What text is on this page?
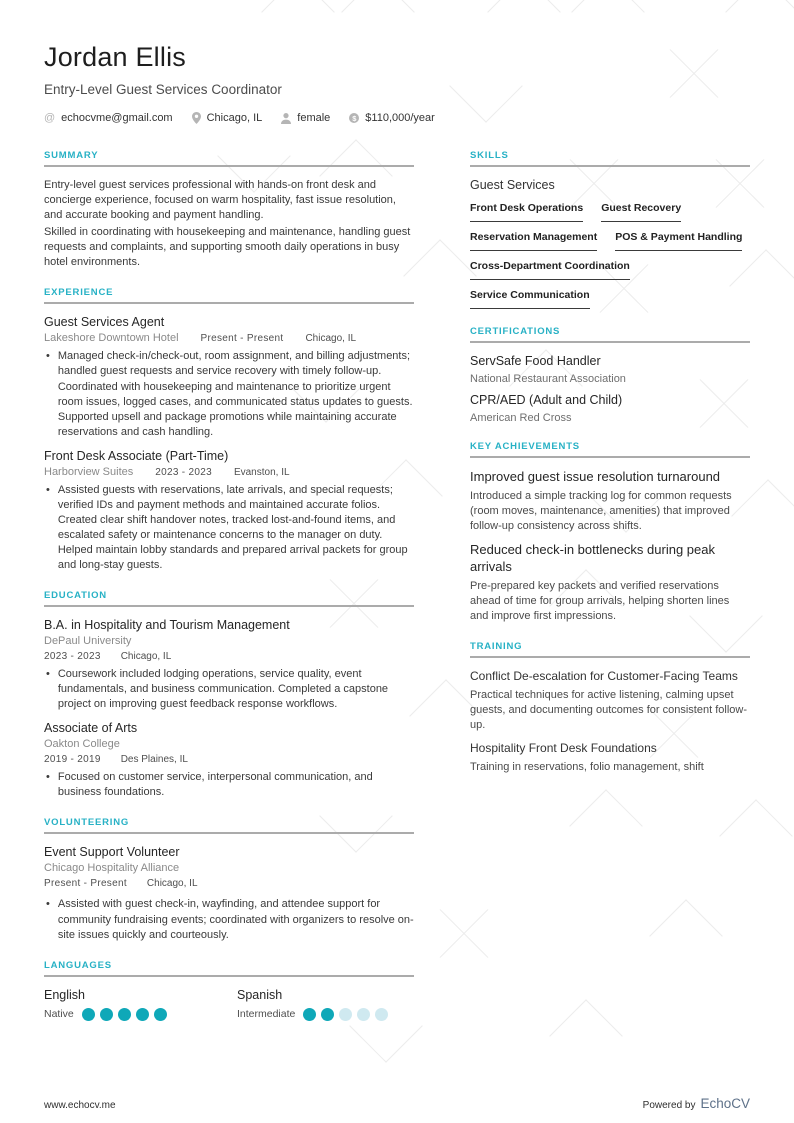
Jordan Ellis
Entry-Level Guest Services Coordinator
@ echocvme@gmail.com	Chicago, IL	female	$ $110,000/year
SUMMARY

Entry-level guest services professional with hands-on front desk and concierge experience, focused on warm hospitality, fast issue resolution, and accurate booking and payment handling.

Skilled in coordinating with housekeeping and maintenance, handling guest requests and complaints, and supporting smooth daily operations in busy hotel environments.

EXPERIENCE
Guest Services Agent
Lakeshore Downtown Hotel Present - Present Chicago, IL
• Managed check-in/check-out, room assignment, and billing adjustments; handled guest requests and service recovery with timely follow-up. Coordinated with housekeeping and maintenance to prioritize urgent room issues, logged cases, and communicated status updates to guests. Supported upsell and package promotions while maintaining accurate reservations and cash handling.
Front Desk Associate (Part-Time)
Harborview Suites 2023 - 2023 Evanston, IL
• Assisted guests with reservations, late arrivals, and special requests; verified IDs and payment methods and maintained accurate folios. Created clear shift handover notes, tracked lost-and-found items, and escalated safety or maintenance concerns to the manager on duty. Helped maintain lobby standards and prepared arrival packets for group and long-stay guests.
EDUCATION
B.A. in Hospitality and Tourism Management
DePaul University
2023 - 2023 Chicago, IL
• Coursework included lodging operations, service quality, event fundamentals, and business communication. Completed a capstone project on improving guest feedback response workflows.
Associate of Arts
Oakton College
2019 - 2019 Des Plaines, IL
• Focused on customer service, interpersonal communication, and business foundations.
VOLUNTEERING
Event Support Volunteer
Chicago Hospitality Alliance
Present - Present Chicago, IL
• Assisted with guest check-in, wayfinding, and attendee support for community fundraising events; coordinated with organizers to resolve on-site issues quickly and courteously.
LANGUAGES
English
Native
Spanish
Intermediate
SKILLS
Guest Services
Front Desk Operations Guest Recovery
Reservation Management POS & Payment Handling
Cross-Department Coordination
Service Communication
CERTIFICATIONS
ServSafe Food Handler
National Restaurant Association
CPR/AED (Adult and Child)
American Red Cross
KEY ACHIEVEMENTS
Improved guest issue resolution turnaround
Introduced a simple tracking log for common requests (room moves, maintenance, amenities) that improved follow-up consistency across shifts.
Reduced check-in bottlenecks during peak arrivals
Pre-prepared key packets and verified reservations ahead of time for group arrivals, helping shorten lines and improve first impressions.
TRAINING
Conflict De-escalation for Customer-Facing Teams
Practical techniques for active listening, calming upset guests, and documenting outcomes for consistent follow-up.
Hospitality Front Desk Foundations
Training in reservations, folio management, shift
www.echocv.me	Powered by EchoCV
